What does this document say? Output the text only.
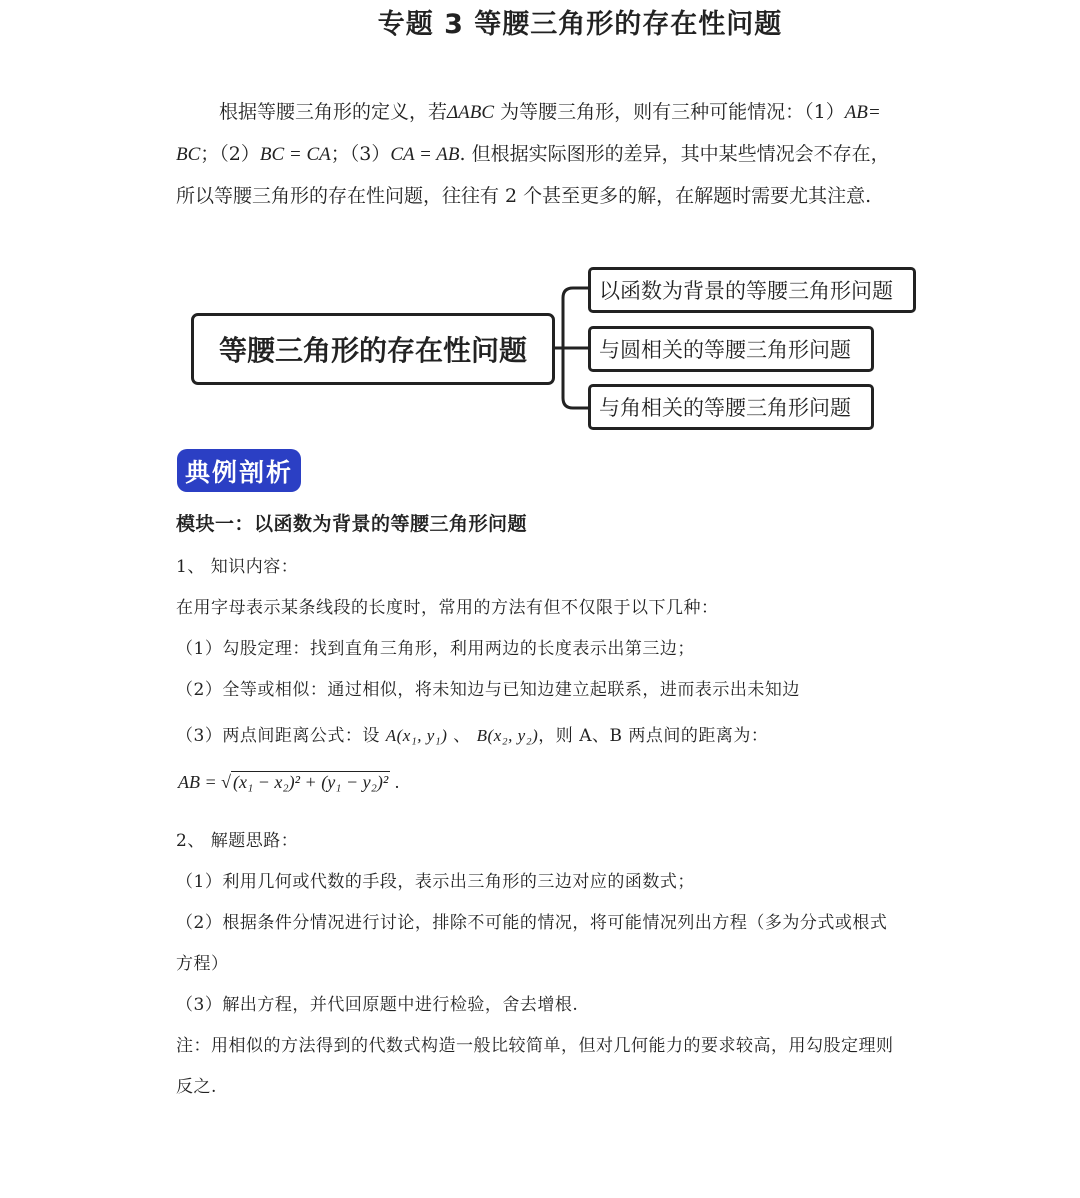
专题 3 等腰三角形的存在性问题
根据等腰三角形的定义，若ΔABC 为等腰三角形，则有三种可能情况：（1）AB=
BC；（2）BC = CA；（3）CA = AB. 但根据实际图形的差异，其中某些情况会不存在，
所以等腰三角形的存在性问题，往往有 2 个甚至更多的解，在解题时需要尤其注意.
等腰三角形的存在性问题
以函数为背景的等腰三角形问题
与圆相关的等腰三角形问题
与角相关的等腰三角形问题
典例剖析
模块一：以函数为背景的等腰三角形问题
1、 知识内容：
在用字母表示某条线段的长度时，常用的方法有但不仅限于以下几种：
（1）勾股定理：找到直角三角形，利用两边的长度表示出第三边；
（2）全等或相似：通过相似，将未知边与已知边建立起联系，进而表示出未知边
（3）两点间距离公式：设 A(x₁, y₁) 、 B(x₂, y₂)，则 A、B 两点间的距离为：
AB = √ (x₁ − x₂)² + (y₁ − y₂)² .
2、 解题思路：
（1）利用几何或代数的手段，表示出三角形的三边对应的函数式；
（2）根据条件分情况进行讨论，排除不可能的情况，将可能情况列出方程（多为分式或根式
方程）
（3）解出方程，并代回原题中进行检验，舍去增根.
注：用相似的方法得到的代数式构造一般比较简单，但对几何能力的要求较高，用勾股定理则
反之.
